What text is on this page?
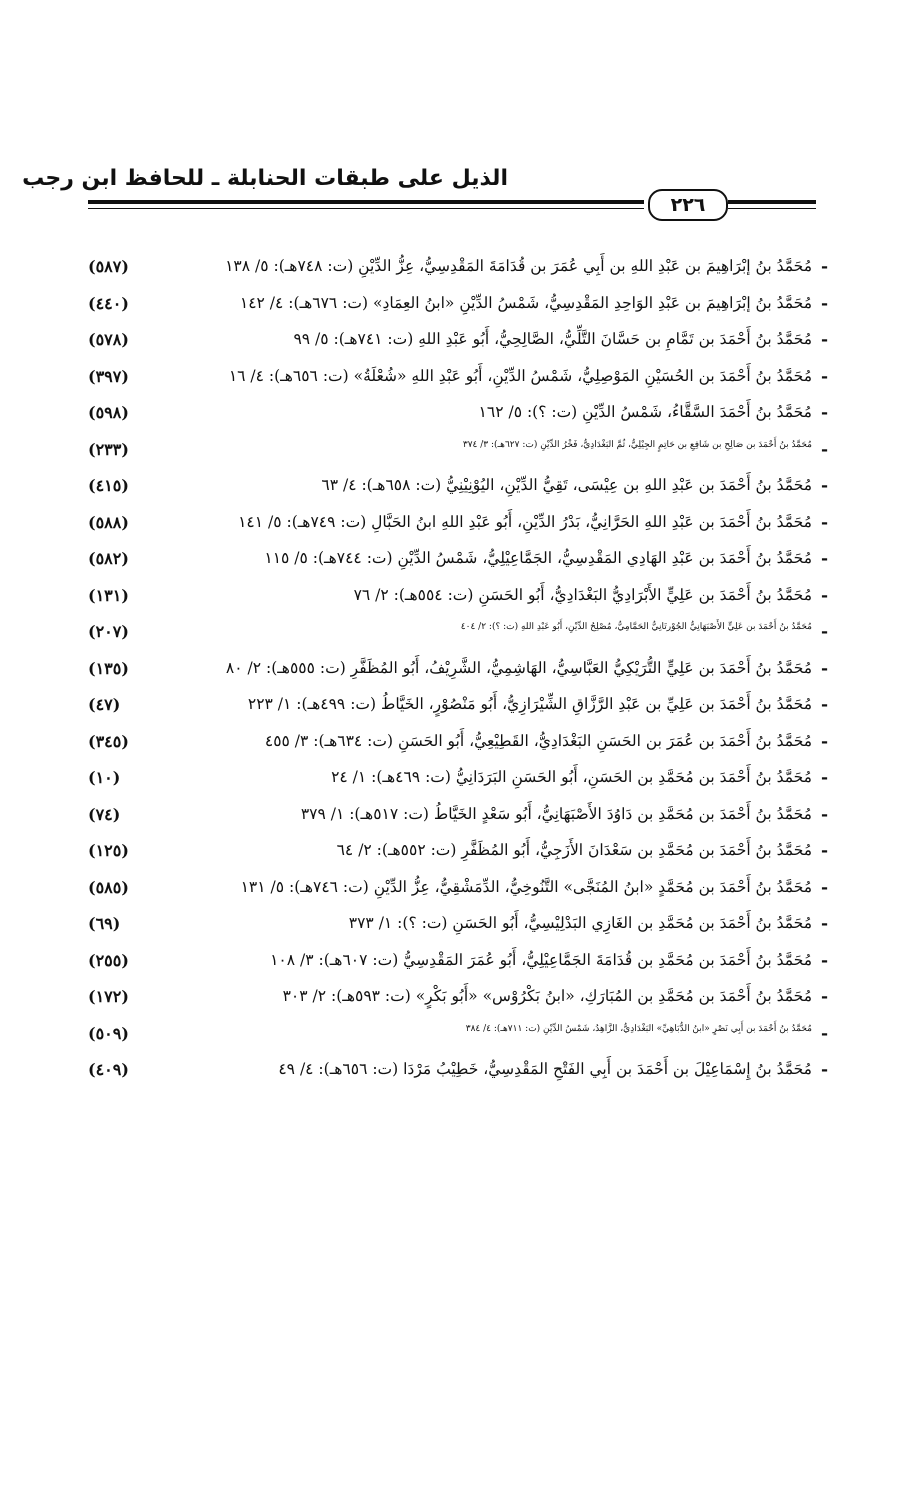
الذيل على طبقات الحنابلة ـ للحافظ ابن رجب
٢٢٦
-
مُحَمَّدُ بنُ إبْرَاهِيمَ بن عَبْدِ اللهِ بن أَبِي عُمَرَ بن قُدَامَةَ المَقْدِسِيُّ، عِزُّ الدِّيْنِ (ت: ٧٤٨هـ): ٥/ ١٣٨
(٥٨٧)
-
مُحَمَّدُ بنُ إبْرَاهِيمَ بن عَبْدِ الوَاحِدِ المَقْدِسِيُّ، شَمْسُ الدِّيْنِ «ابنُ العِمَادِ» (ت: ٦٧٦هـ): ٤/ ١٤٢
(٤٤٠)
-
مُحَمَّدُ بنُ أَحْمَدَ بن تَمَّامِ بن حَسَّانَ التَّلِّيُّ، الصَّالِحِيُّ، أَبُو عَبْدِ اللهِ (ت: ٧٤١هـ): ٥/ ٩٩
(٥٧٨)
-
مُحَمَّدُ بنُ أَحْمَدَ بن الحُسَيْنِ المَوْصِلِيُّ، شَمْسُ الدِّيْنِ، أَبُو عَبْدِ اللهِ «شُعْلَةُ» (ت: ٦٥٦هـ): ٤/ ١٦
(٣٩٧)
-
مُحَمَّدُ بنُ أَحْمَدَ السَّقَّاءُ، شَمْسُ الدِّيْنِ (ت: ؟): ٥/ ١٦٢
(٥٩٨)
-
مُحَمَّدُ بنُ أَحْمَدَ بن صَالِحِ بن شَافِعِ بن حَاتِمٍ الجِيْلِيُّ، ثُمَّ البَغْدَادِيُّ، فَخْرُ الدِّيْنِ (ت: ٦٢٧هـ): ٣/ ٣٧٤
(٢٣٣)
-
مُحَمَّدُ بنُ أَحْمَدَ بن عَبْدِ اللهِ بن عِيْسَى، تَقِيُّ الدِّيْنِ، اليُوْنِيْنِيُّ (ت: ٦٥٨هـ): ٤/ ٦٣
(٤١٥)
-
مُحَمَّدُ بنُ أَحْمَدَ بن عَبْدِ اللهِ الحَرَّانِيُّ، بَدْرُ الدِّيْنِ، أَبُو عَبْدِ اللهِ ابنُ الحَبَّالِ (ت: ٧٤٩هـ): ٥/ ١٤١
(٥٨٨)
-
مُحَمَّدُ بنُ أَحْمَدَ بن عَبْدِ الهَادِي المَقْدِسِيُّ، الجَمَّاعِيْلِيُّ، شَمْسُ الدِّيْنِ (ت: ٧٤٤هـ): ٥/ ١١٥
(٥٨٢)
-
مُحَمَّدُ بنُ أَحْمَدَ بن عَلِيٍّ الأَبْرَادِيُّ البَغْدَادِيُّ، أَبُو الحَسَنِ (ت: ٥٥٤هـ): ٢/ ٧٦
(١٣١)
-
مُحَمَّدُ بنُ أَحْمَدَ بن عَلِيٍّ الأَصْبَهَانِيُّ الجُوْرتَانِيُّ الحَمَّامِيُّ، مُصْلِحُ الدِّيْنِ، أَبُو عَبْدِ اللهِ (ت: ؟): ٢/ ٤٠٤
(٢٠٧)
-
مُحَمَّدُ بنُ أَحْمَدَ بن عَلِيٍّ التُّرَيْكِيُّ العَبَّاسِيُّ، الهَاشِمِيُّ، الشَّرِيْفُ، أَبُو المُظَفَّرِ (ت: ٥٥٥هـ): ٢/ ٨٠
(١٣٥)
-
مُحَمَّدُ بنُ أَحْمَدَ بن عَلِيِّ بن عَبْدِ الرَّزَّاقِ الشِّيْرَازِيُّ، أَبُو مَنْصُوْرٍ، الخَيَّاطُ (ت: ٤٩٩هـ): ١/ ٢٢٣
(٤٧)
-
مُحَمَّدُ بنُ أَحْمَدَ بن عُمَرَ بن الحَسَنِ البَغْدَادِيُّ، القَطِيْعِيُّ، أَبُو الحَسَنِ (ت: ٦٣٤هـ): ٣/ ٤٥٥
(٣٤٥)
-
مُحَمَّدُ بنُ أَحْمَدَ بن مُحَمَّدِ بن الحَسَنِ، أَبُو الحَسَنِ البَرَدَانِيُّ (ت: ٤٦٩هـ): ١/ ٢٤
(١٠)
-
مُحَمَّدُ بنُ أَحْمَدَ بن مُحَمَّدِ بن دَاوُدَ الأَصْبَهَانِيُّ، أَبُو سَعْدٍ الخَيَّاطُ (ت: ٥١٧هـ): ١/ ٣٧٩
(٧٤)
-
مُحَمَّدُ بنُ أَحْمَدَ بن مُحَمَّدِ بن سَعْدَانَ الأَزَجِيُّ، أَبُو المُظَفَّرِ (ت: ٥٥٢هـ): ٢/ ٦٤
(١٢٥)
-
مُحَمَّدُ بنُ أَحْمَدَ بن مُحَمَّدٍ «ابنُ المُنَجَّى» التَّنُوخِيُّ، الدِّمَشْقِيُّ، عِزُّ الدِّيْنِ (ت: ٧٤٦هـ): ٥/ ١٣١
(٥٨٥)
-
مُحَمَّدُ بنُ أَحْمَدَ بن مُحَمَّدِ بن الغَازِي البَدْلِيْسِيُّ، أَبُو الحَسَنِ (ت: ؟): ١/ ٣٧٣
(٦٩)
-
مُحَمَّدُ بنُ أَحْمَدَ بن مُحَمَّدِ بن قُدَامَةَ الجَمَّاعِيْلِيُّ، أَبُو عُمَرَ المَقْدِسِيُّ (ت: ٦٠٧هـ): ٣/ ١٠٨
(٢٥٥)
-
مُحَمَّدُ بنُ أَحْمَدَ بن مُحَمَّدِ بن المُبَارَكِ، «ابنُ بَكْرُوْس» «أَبُو بَكْرٍ» (ت: ٥٩٣هـ): ٢/ ٣٠٣
(١٧٢)
-
مُحَمَّدُ بنُ أَحْمَدَ بن أَبِي نَصْرٍ «ابنُ الدُّبَاهِيِّ» البَغْدَادِيُّ، الزَّاهِدُ، شَمْسُ الدِّيْنِ (ت: ٧١١هـ): ٤/ ٣٨٤
(٥٠٩)
-
مُحَمَّدُ بنُ إِسْمَاعِيْلَ بن أَحْمَدَ بن أَبِي الفَتْحِ المَقْدِسِيُّ، خَطِيْبُ مَرْدَا (ت: ٦٥٦هـ): ٤/ ٤٩
(٤٠٩)
